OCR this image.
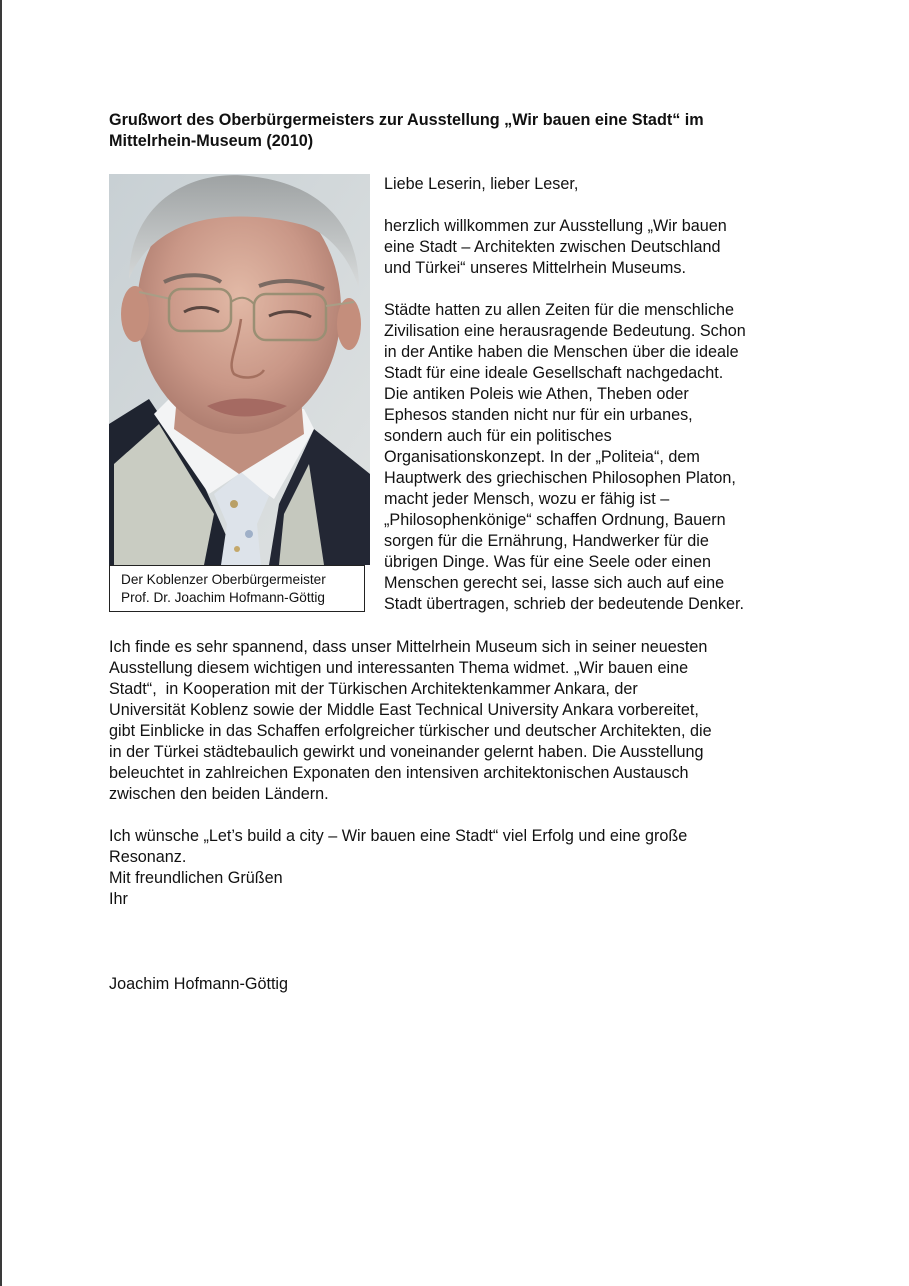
Grußwort des Oberbürgermeisters zur Ausstellung „Wir bauen eine Stadt“ im
Mittelrhein-Museum (2010)
Der Koblenzer Oberbürgermeister
Prof. Dr. Joachim Hofmann-Göttig

Liebe Leserin, lieber Leser,

herzlich willkommen zur Ausstellung „Wir bauen
eine Stadt – Architekten zwischen Deutschland
und Türkei“ unseres Mittelrhein Museums.

Städte hatten zu allen Zeiten für die menschliche
Zivilisation eine herausragende Bedeutung. Schon
in der Antike haben die Menschen über die ideale
Stadt für eine ideale Gesellschaft nachgedacht.
Die antiken Poleis wie Athen, Theben oder
Ephesos standen nicht nur für ein urbanes,
sondern auch für ein politisches
Organisationskonzept. In der „Politeia“, dem
Hauptwerk des griechischen Philosophen Platon,
macht jeder Mensch, wozu er fähig ist –
„Philosophenkönige“ schaffen Ordnung, Bauern
sorgen für die Ernährung, Handwerker für die
übrigen Dinge. Was für eine Seele oder einen
Menschen gerecht sei, lasse sich auch auf eine
Stadt übertragen, schrieb der bedeutende Denker.

Ich finde es sehr spannend, dass unser Mittelrhein Museum sich in seiner neuesten
Ausstellung diesem wichtigen und interessanten Thema widmet. „Wir bauen eine
Stadt“,  in Kooperation mit der Türkischen Architektenkammer Ankara, der
Universität Koblenz sowie der Middle East Technical University Ankara vorbereitet,
gibt Einblicke in das Schaffen erfolgreicher türkischer und deutscher Architekten, die
in der Türkei städtebaulich gewirkt und voneinander gelernt haben. Die Ausstellung
beleuchtet in zahlreichen Exponaten den intensiven architektonischen Austausch
zwischen den beiden Ländern.

Ich wünsche „Let’s build a city – Wir bauen eine Stadt“ viel Erfolg und eine große
Resonanz.
Mit freundlichen Grüßen
Ihr

Joachim Hofmann-Göttig
